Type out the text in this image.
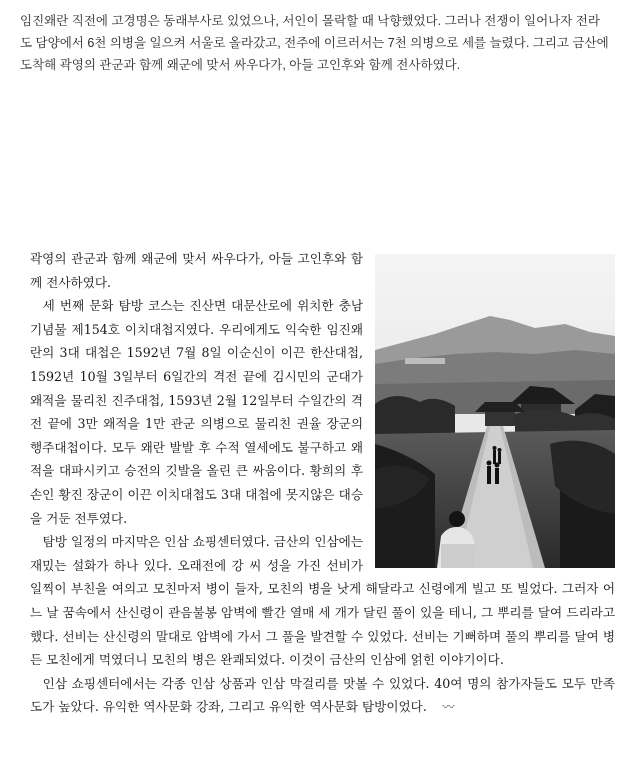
임진왜란 직전에 고경명은 동래부사로 있었으나, 서인이 몰락할 때 낙향했었다. 그러나 전쟁이 일어나자 전라도 담양에서 6천 의병을 일으켜 서울로 올라갔고, 전주에 이르러서는 7천 의병으로 세를 늘렸다. 그리고 금산에 도착해 곽영의 관군과 함께 왜군에 맞서 싸우다가, 아들 고인후와 함께 전사하였다.

곽영의 관군과 함께 왜군에 맞서 싸우다가, 아들 고인후와 함께 전사하였다.

세 번째 문화 탐방 코스는 진산면 대문산로에 위치한 충남 기념물 제154호 이치대첩지였다. 우리에게도 익숙한 임진왜란의 3대 대첩은 1592년 7월 8일 이순신이 이끈 한산대첩, 1592년 10월 3일부터 6일간의 격전 끝에 김시민의 군대가 왜적을 물리친 진주대첩, 1593년 2월 12일부터 수일간의 격전 끝에 3만 왜적을 1만 관군 의병으로 물리친 권율 장군의 행주대첩이다. 모두 왜란 발발 후 수적 열세에도 불구하고 왜적을 대파시키고 승전의 깃발을 올린 큰 싸움이다. 황희의 후손인 황진 장군이 이끈 이치대첩도 3대 대첩에 못지않은 대승을 거둔 전투였다.

탐방 일정의 마지막은 인삼 쇼핑센터였다. 금산의 인삼에는 재밌는 설화가 하나 있다. 오래전에 강 씨 성을 가진 선비가 일찍이 부친을 여의고 모친마저 병이 들자, 모친의 병을 낫게 해달라고 신령에게 빌고 또 빌었다. 그러자 어느 날 꿈속에서 산신령이 관음불봉 암벽에 빨간 열매 세 개가 달린 풀이 있을 테니, 그 뿌리를 달여 드리라고 했다. 선비는 산신령의 말대로 암벽에 가서 그 풀을 발견할 수 있었다. 선비는 기뻐하며 풀의 뿌리를 달여 병든 모친에게 먹였더니 모친의 병은 완쾌되었다. 이것이 금산의 인삼에 얽힌 이야기이다.

인삼 쇼핑센터에서는 각종 인삼 상품과 인삼 막걸리를 맛볼 수 있었다. 40여 명의 참가자들도 모두 만족도가 높았다. 유익한 역사문화 강좌, 그리고 유익한 역사문화 탐방이었다. 〰
